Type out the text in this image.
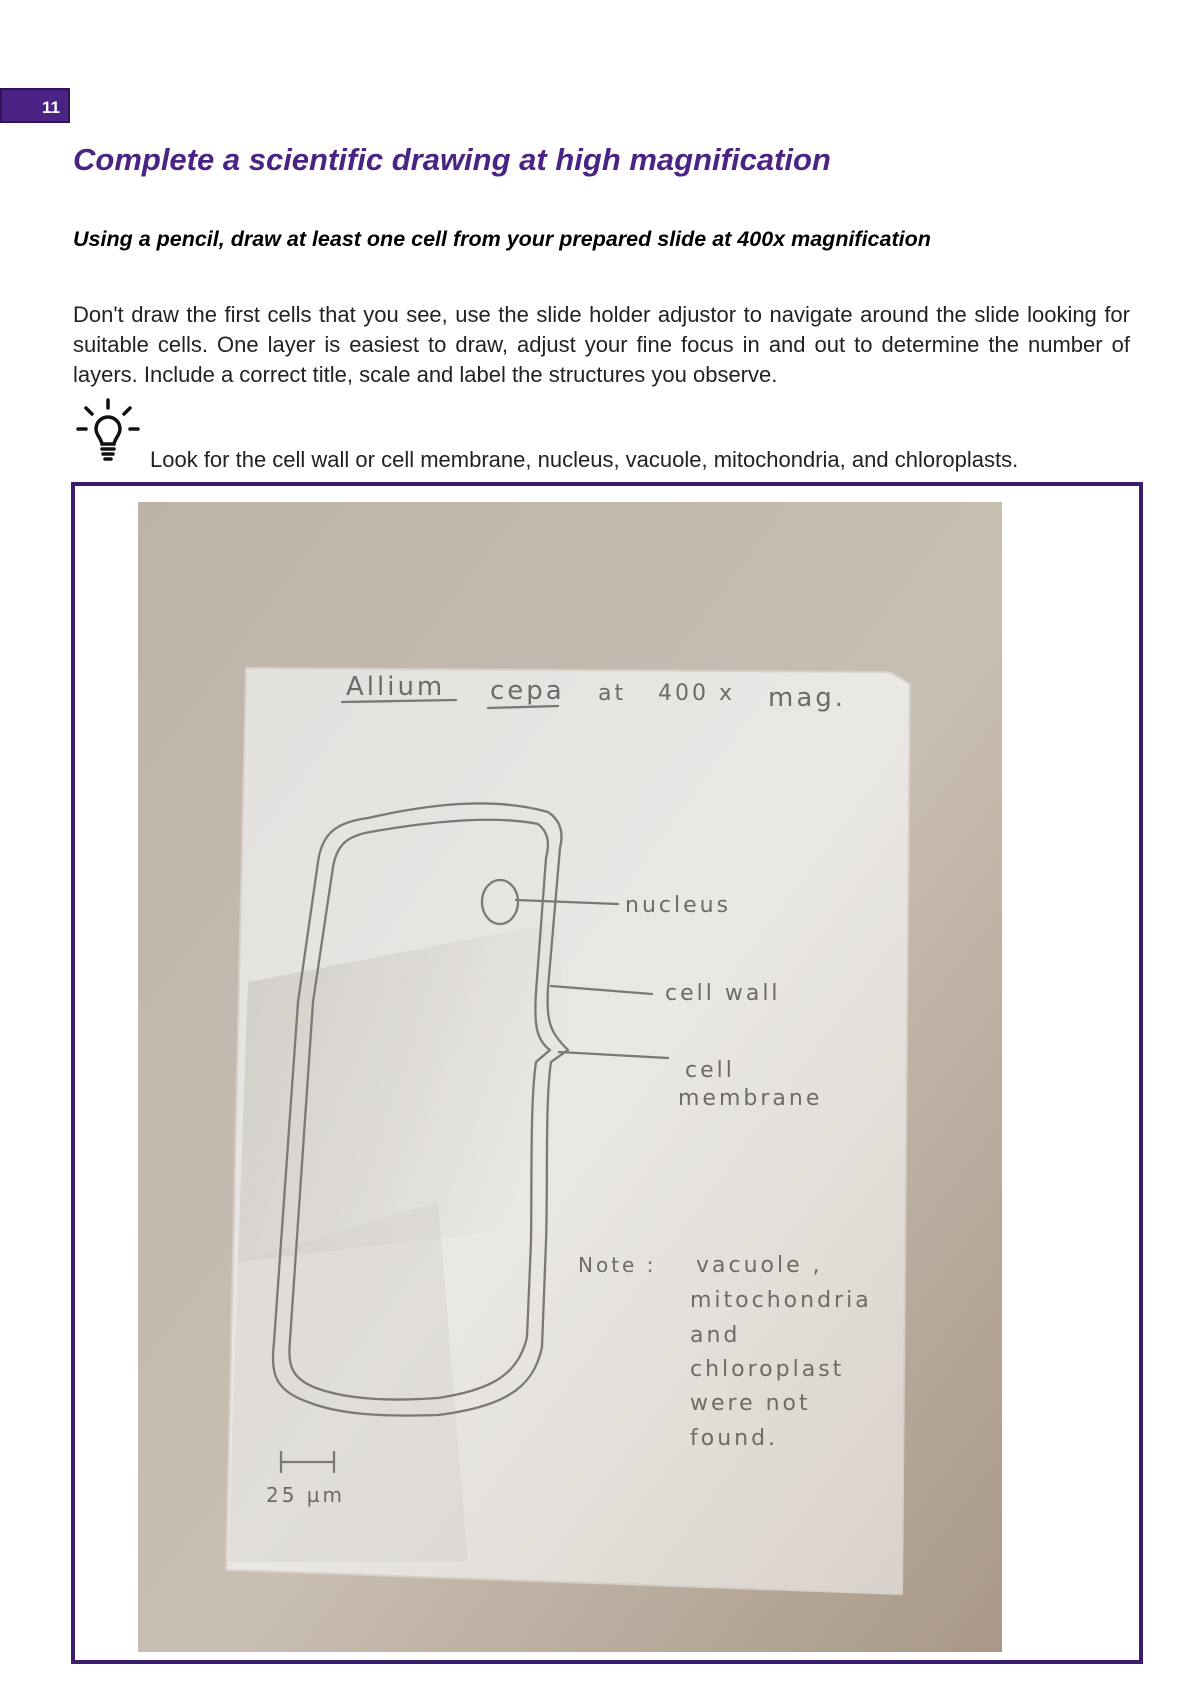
11
Complete a scientific drawing at high magnification
Using a pencil, draw at least one cell from your prepared slide at 400x magnification

Don't draw the first cells that you see, use the slide holder adjustor to navigate around the slide looking for suitable cells. One layer is easiest to draw, adjust your fine focus in and out to determine the number of layers. Include a correct title, scale and label the structures you observe.

Look for the cell wall or cell membrane, nucleus, vacuole, mitochondria, and chloroplasts.

Allium cepa at 400 x mag.
nucleus
cell wall
cell
membrane
25 µm
Note : vacuole ,
mitochondria
and
chloroplast
were not
found.
